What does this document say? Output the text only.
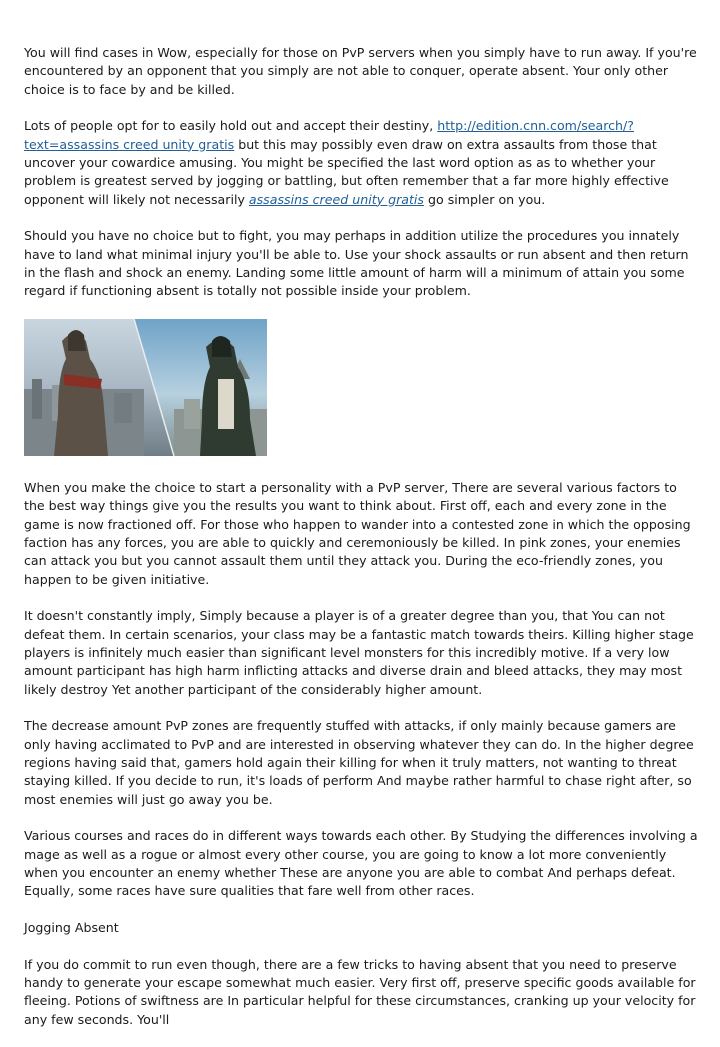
You will find cases in Wow, especially for those on PvP servers when you simply have to run away. If you're encountered by an opponent that you simply are not able to conquer, operate absent. Your only other choice is to face by and be killed.

Lots of people opt for to easily hold out and accept their destiny, http://edition.cnn.com/search/?text=assassins creed unity gratis but this may possibly even draw on extra assaults from those that uncover your cowardice amusing. You might be specified the last word option as as to whether your problem is greatest served by jogging or battling, but often remember that a far more highly effective opponent will likely not necessarily assassins creed unity gratis go simpler on you.

Should you have no choice but to fight, you may perhaps in addition utilize the procedures you innately have to land what minimal injury you'll be able to. Use your shock assaults or run absent and then return in the flash and shock an enemy. Landing some little amount of harm will a minimum of attain you some regard if functioning absent is totally not possible inside your problem.

When you make the choice to start a personality with a PvP server, There are several various factors to the best way things give you the results you want to think about. First off, each and every zone in the game is now fractioned off. For those who happen to wander into a contested zone in which the opposing faction has any forces, you are able to quickly and ceremoniously be killed. In pink zones, your enemies can attack you but you cannot assault them until they attack you. During the eco-friendly zones, you happen to be given initiative.

It doesn't constantly imply, Simply because a player is of a greater degree than you, that You can not defeat them. In certain scenarios, your class may be a fantastic match towards theirs. Killing higher stage players is infinitely much easier than significant level monsters for this incredibly motive. If a very low amount participant has high harm inflicting attacks and diverse drain and bleed attacks, they may most likely destroy Yet another participant of the considerably higher amount.

The decrease amount PvP zones are frequently stuffed with attacks, if only mainly because gamers are only having acclimated to PvP and are interested in observing whatever they can do. In the higher degree regions having said that, gamers hold again their killing for when it truly matters, not wanting to threat staying killed. If you decide to run, it's loads of perform And maybe rather harmful to chase right after, so most enemies will just go away you be.

Various courses and races do in different ways towards each other. By Studying the differences involving a mage as well as a rogue or almost every other course, you are going to know a lot more conveniently when you encounter an enemy whether These are anyone you are able to combat And perhaps defeat. Equally, some races have sure qualities that fare well from other races.

Jogging Absent

If you do commit to run even though, there are a few tricks to having absent that you need to preserve handy to generate your escape somewhat much easier. Very first off, preserve specific goods available for fleeing. Potions of swiftness are In particular helpful for these circumstances, cranking up your velocity for any few seconds. You'll
